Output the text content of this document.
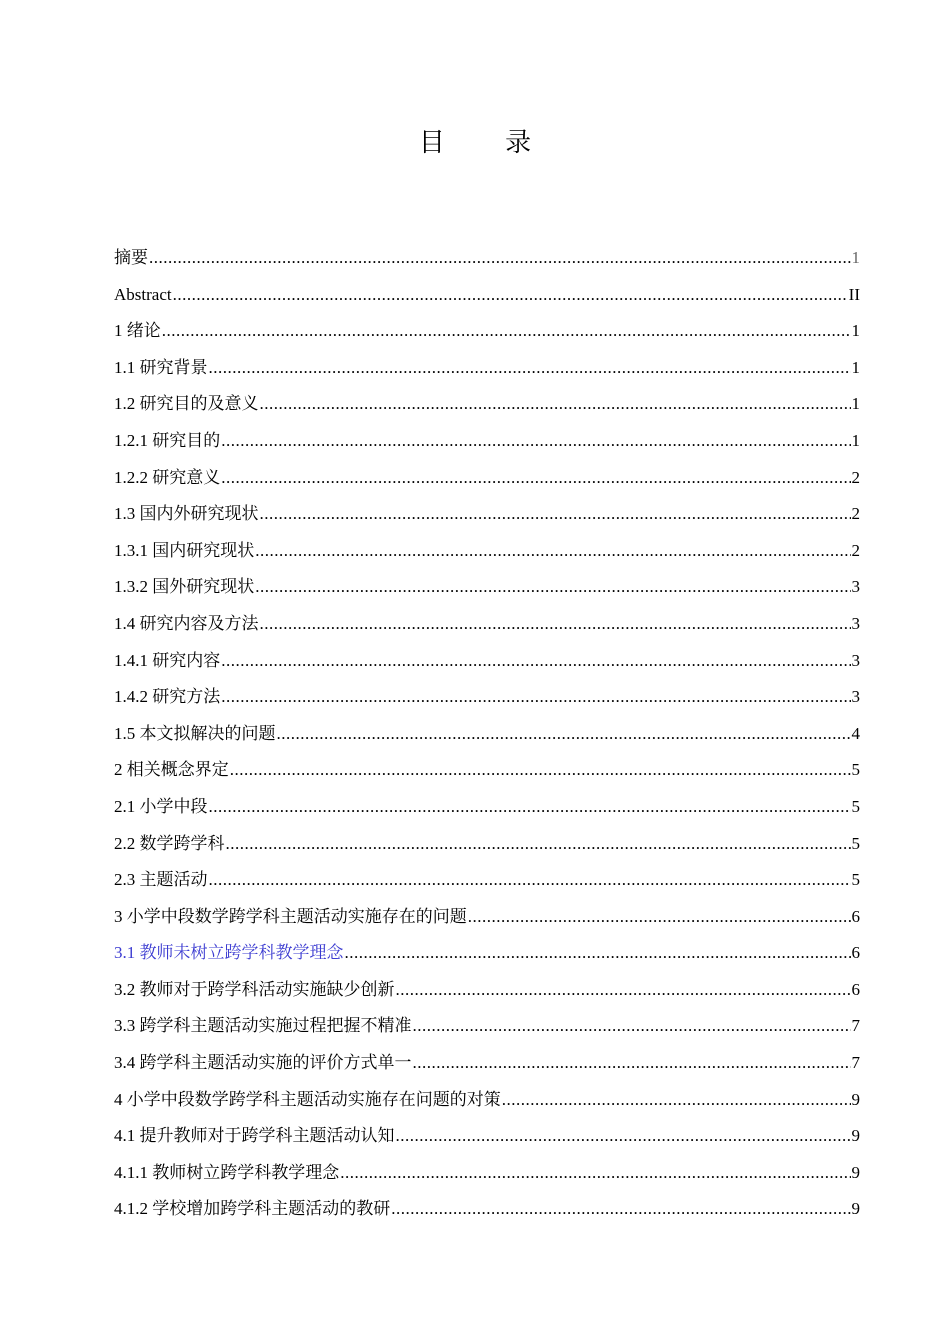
目 录
摘要 .....	1
Abstract .....	II
1 绪论 .....	1
1.1 研究背景 .....	1
1.2 研究目的及意义 .....	1
1.2.1 研究目的 .....	1
1.2.2 研究意义 .....	2
1.3 国内外研究现状 .....	2
1.3.1 国内研究现状 .....	2
1.3.2 国外研究现状 .....	3
1.4 研究内容及方法 .....	3
1.4.1 研究内容 .....	3
1.4.2 研究方法 .....	3
1.5 本文拟解决的问题 .....	4
2 相关概念界定 .....	5
2.1 小学中段 .....	5
2.2 数学跨学科 .....	5
2.3 主题活动 .....	5
3 小学中段数学跨学科主题活动实施存在的问题 .....	6
3.1 教师未树立跨学科教学理念 .....	6
3.2 教师对于跨学科活动实施缺少创新 .....	6
3.3 跨学科主题活动实施过程把握不精准 .....	7
3.4 跨学科主题活动实施的评价方式单一 .....	7
4 小学中段数学跨学科主题活动实施存在问题的对策 .....	9
4.1 提升教师对于跨学科主题活动认知 .....	9
4.1.1 教师树立跨学科教学理念 .....	9
4.1.2 学校增加跨学科主题活动的教研 .....	9
